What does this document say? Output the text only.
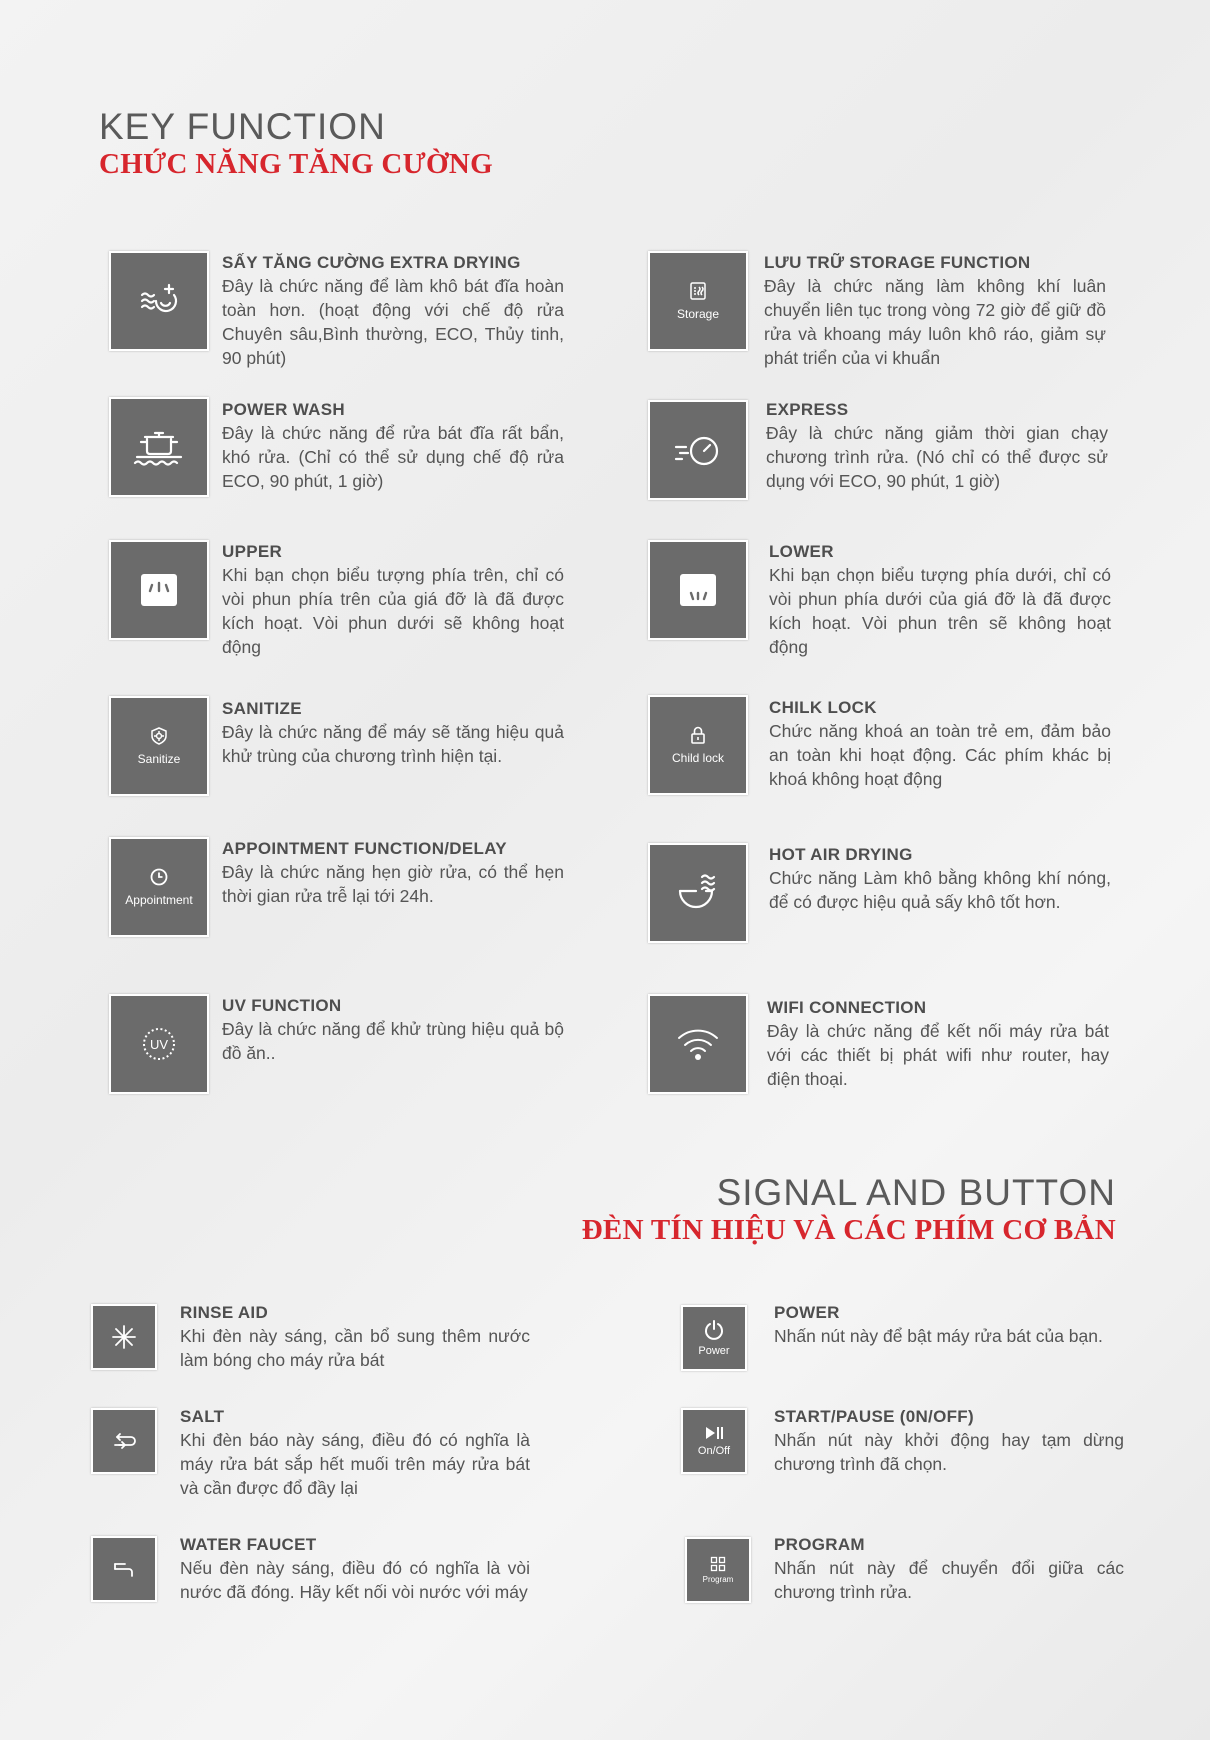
KEY FUNCTION
CHỨC NĂNG TĂNG CƯỜNG
SẤY TĂNG CƯỜNG EXTRA DRYING
Đây là chức năng để làm khô bát đĩa hoàn toàn hơn. (hoạt động với chế độ rửa Chuyên sâu,Bình thường, ECO, Thủy tinh, 90 phút)
Storage
LƯU TRỮ STORAGE FUNCTION
Đây là chức năng làm không khí luân chuyển liên tục trong vòng 72 giờ để giữ đồ rửa và khoang máy luôn khô ráo, giảm sự phát triển của vi khuẩn
POWER WASH
Đây là chức năng để rửa bát đĩa rất bẩn, khó rửa. (Chỉ có thể sử dụng chế độ rửa ECO, 90 phút, 1 giờ)
EXPRESS
Đây là chức năng giảm thời gian chạy chương trình rửa. (Nó chỉ có thể được sử dụng với ECO, 90 phút, 1 giờ)
UPPER
Khi bạn chọn biểu tượng phía trên, chỉ có vòi phun phía trên của giá đỡ là đã được kích hoạt. Vòi phun dưới sẽ không hoạt động
LOWER
Khi bạn chọn biểu tượng phía dưới, chỉ có vòi phun phía dưới của giá đỡ là đã được kích hoạt. Vòi phun trên sẽ không hoạt động
Sanitize
SANITIZE
Đây là chức năng để máy sẽ tăng hiệu quả khử trùng của chương trình hiện tại.	Child lock
CHILK LOCK
Chức năng khoá an toàn trẻ em, đảm bảo an toàn khi hoạt động. Các phím khác bị khoá không hoạt động
Appointment
APPOINTMENT FUNCTION/DELAY
Đây là chức năng hẹn giờ rửa, có thể hẹn thời gian rửa trễ lại tới 24h.
HOT AIR DRYING
Chức năng Làm khô bằng không khí nóng, để có được hiệu quả sấy khô tốt hơn.
UV
UV FUNCTION
Đây là chức năng để khử trùng hiệu quả bộ đồ ăn..
WIFI CONNECTION
Đây là chức năng để kết nối máy rửa bát với các thiết bị phát wifi như router, hay điện thoại.
SIGNAL AND BUTTON
ĐÈN TÍN HIỆU VÀ CÁC PHÍM CƠ BẢN
RINSE AID
Khi đèn này sáng, cần bổ sung thêm nước làm bóng cho máy rửa bát	Power
POWER
Nhấn nút này để bật máy rửa bát của bạn.
SALT
Khi đèn báo này sáng, điều đó có nghĩa là máy rửa bát sắp hết muối trên máy rửa bát và cần được đổ đầy lại
On/Off
START/PAUSE (0N/OFF)
Nhấn nút này khởi động hay tạm dừng chương trình đã chọn.
WATER FAUCET
Nếu đèn này sáng, điều đó có nghĩa là vòi nước đã đóng. Hãy kết nối vòi nước với máy
Program
PROGRAM
Nhấn nút này để chuyển đổi giữa các chương trình rửa.
